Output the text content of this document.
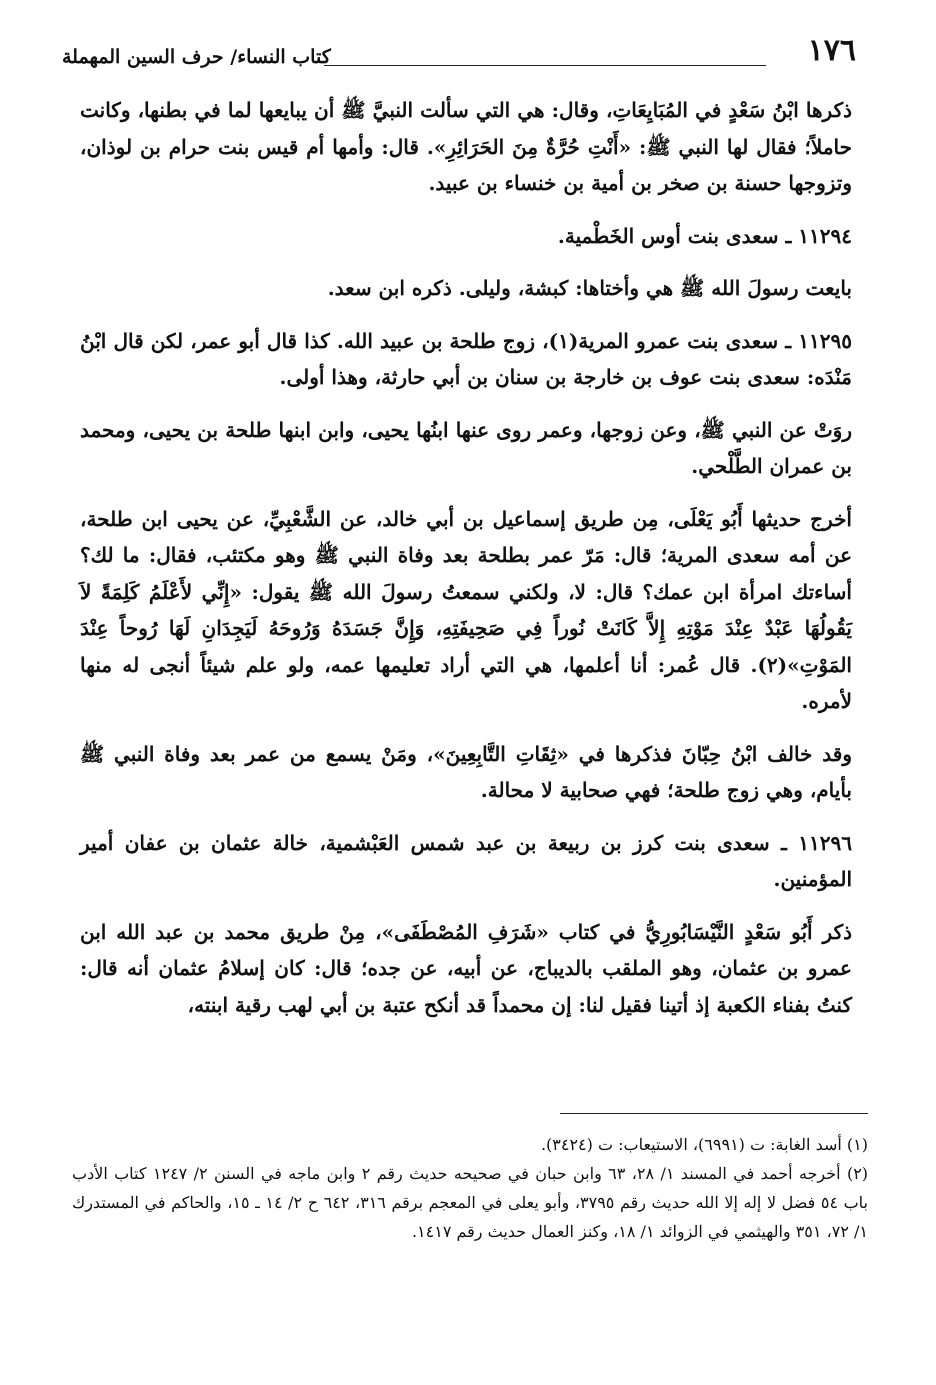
١٧٦
كتاب النساء/ حرف السين المهملة

ذكرها ابْنُ سَعْدٍ في المُبَايِعَاتِ، وقال: هي التي سألت النبيَّ ﷺ أن يبايعها لما في بطنها، وكانت حاملاً؛ فقال لها النبي ﷺ: «أَنْتِ حُرَّةٌ مِنَ الحَرَائِرِ». قال: وأمها أم قيس بنت حرام بن لوذان، وتزوجها حسنة بن صخر بن أمية بن خنساء بن عبيد.

١١٢٩٤ ـ سعدى بنت أوس الخَطْمية.

بايعت رسولَ الله ﷺ هي وأختاها: كبشة، وليلى. ذكره ابن سعد.

١١٢٩٥ ـ سعدى بنت عمرو المرية(١)، زوج طلحة بن عبيد الله. كذا قال أبو عمر، لكن قال ابْنُ مَنْدَه: سعدى بنت عوف بن خارجة بن سنان بن أبي حارثة، وهذا أولى.

روَتْ عن النبي ﷺ، وعن زوجها، وعمر روى عنها ابنُها يحيى، وابن ابنها طلحة بن يحيى، ومحمد بن عمران الطَّلْحي.

أخرج حديثها أَبُو يَعْلَى، مِن طريق إسماعيل بن أبي خالد، عن الشَّعْبِيِّ، عن يحيى ابن طلحة، عن أمه سعدى المرية؛ قال: مَرّ عمر بطلحة بعد وفاة النبي ﷺ وهو مكتئب، فقال: ما لك؟ أساءتك امرأة ابن عمك؟ قال: لا، ولكني سمعتُ رسولَ الله ﷺ يقول: «إِنِّي لأَعْلَمُ كَلِمَةً لاَ يَقُولُهَا عَبْدٌ عِنْدَ مَوْتِهِ إِلاَّ كَانَتْ نُوراً فِي صَحِيفَتِهِ، وَإِنَّ جَسَدَهُ وَرُوحَهُ لَيَجِدَانِ لَهَا رُوحاً عِنْدَ المَوْتِ»(٢). قال عُمر: أنا أعلمها، هي التي أراد تعليمها عمه، ولو علم شيئاً أنجى له منها لأمره.

وقد خالف ابْنُ حِبّانَ فذكرها في «ثِقَاتِ التَّابِعِينَ»، ومَنْ يسمع من عمر بعد وفاة النبي ﷺ بأيام، وهي زوج طلحة؛ فهي صحابية لا محالة.

١١٢٩٦ ـ سعدى بنت كرز بن ربيعة بن عبد شمس العَبْشمية، خالة عثمان بن عفان أمير المؤمنين.

ذكر أَبُو سَعْدٍ النَّيْسَابُورِيُّ في كتاب «شَرَفِ المُصْطَفَى»، مِنْ طريق محمد بن عبد الله ابن عمرو بن عثمان، وهو الملقب بالديباج، عن أبيه، عن جده؛ قال: كان إسلامُ عثمان أنه قال: كنتُ بفناء الكعبة إذ أتينا فقيل لنا: إن محمداً قد أنكح عتبة بن أبي لهب رقية ابنته،

(١) أسد الغابة: ت (٦٩٩١)، الاستيعاب: ت (٣٤٢٤).

(٢) أخرجه أحمد في المسند ١/ ٢٨، ٦٣ وابن حبان في صحيحه حديث رقم ٢ وابن ماجه في السنن ٢/ ١٢٤٧ كتاب الأدب باب ٥٤ فضل لا إله إلا الله حديث رقم ٣٧٩٥، وأبو يعلى في المعجم برقم ٣١٦، ٦٤٢ ح ٢/ ١٤ ـ ١٥، والحاكم في المستدرك ١/ ٧٢، ٣٥١ والهيثمي في الزوائد ١/ ١٨، وكنز العمال حديث رقم ١٤١٧.
